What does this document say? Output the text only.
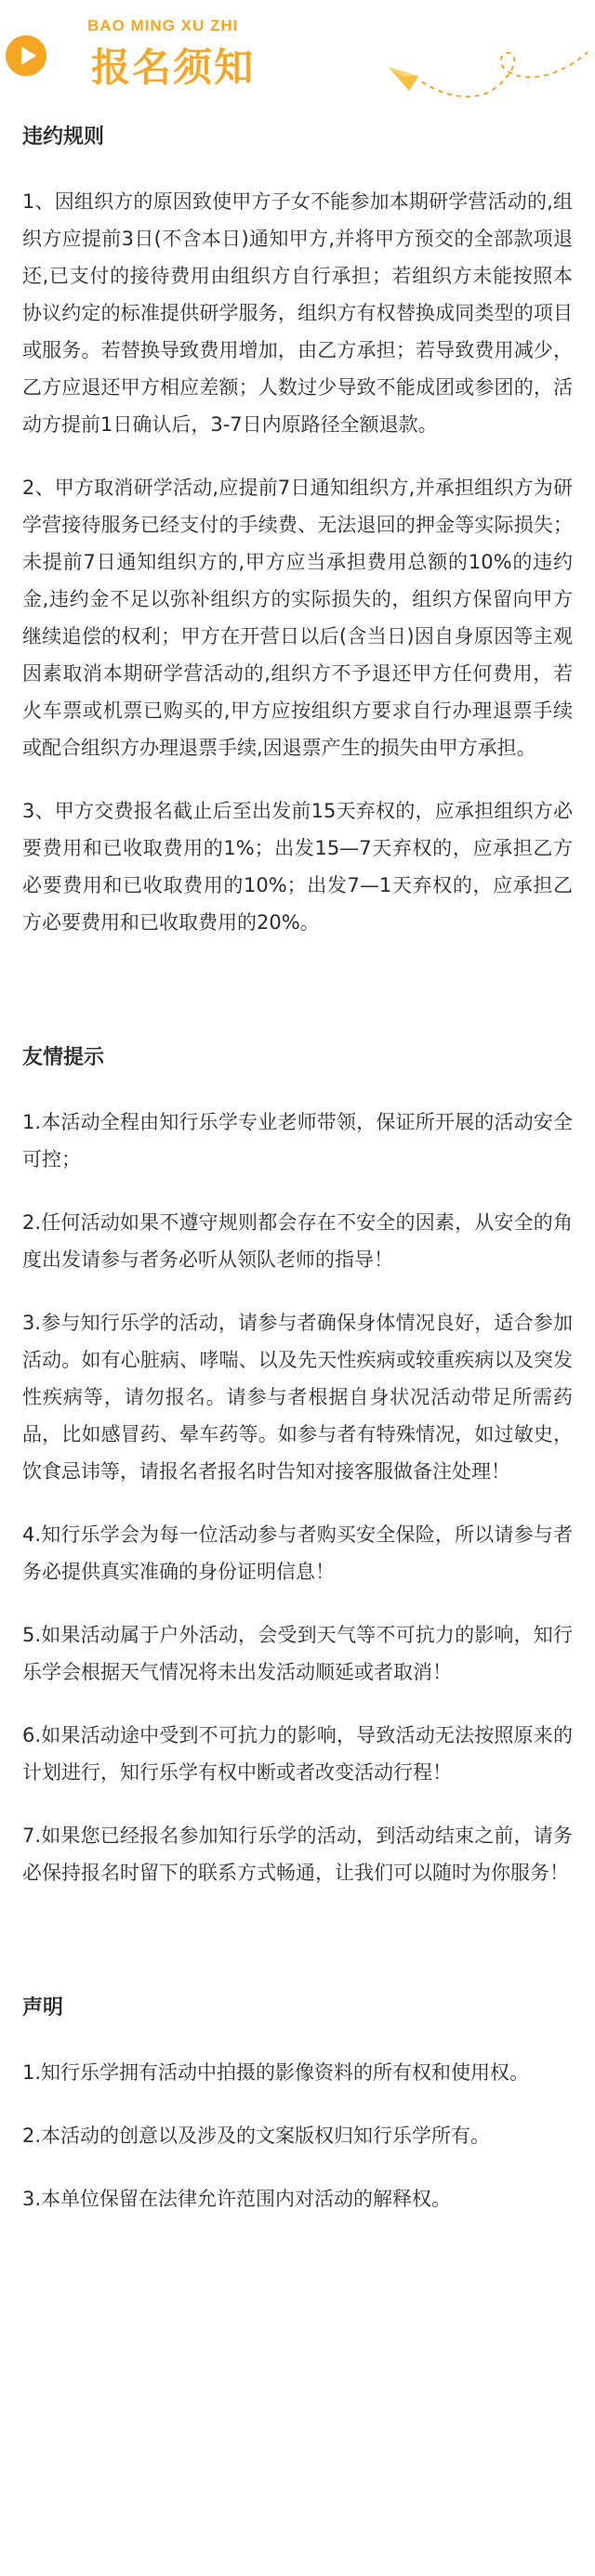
BAO MING XU ZHI
报名须知
违约规则

1、因组织方的原因致使甲方子女不能参加本期研学营活动的,组织方应提前3日(不含本日)通知甲方,并将甲方预交的全部款项退还,已支付的接待费用由组织方自行承担；若组织方未能按照本协议约定的标准提供研学服务，组织方有权替换成同类型的项目或服务。若替换导致费用增加，由乙方承担；若导致费用减少，乙方应退还甲方相应差额；人数过少导致不能成团或参团的，活动方提前1日确认后，3-7日内原路径全额退款。

2、甲方取消研学活动,应提前7日通知组织方,并承担组织方为研学营接待服务已经支付的手续费、无法退回的押金等实际损失；未提前7日通知组织方的,甲方应当承担费用总额的10%的违约金,违约金不足以弥补组织方的实际损失的，组织方保留向甲方继续追偿的权利；甲方在开营日以后(含当日)因自身原因等主观因素取消本期研学营活动的,组织方不予退还甲方任何费用，若火车票或机票已购买的,甲方应按组织方要求自行办理退票手续或配合组织方办理退票手续,因退票产生的损失由甲方承担。

3、甲方交费报名截止后至出发前15天弃权的，应承担组织方必要费用和已收取费用的1%；出发15—7天弃权的，应承担乙方必要费用和已收取费用的10%；出发7—1天弃权的，应承担乙方必要费用和已收取费用的20%。

友情提示

1.本活动全程由知行乐学专业老师带领，保证所开展的活动安全可控；

2.任何活动如果不遵守规则都会存在不安全的因素，从安全的角度出发请参与者务必听从领队老师的指导！

3.参与知行乐学的活动，请参与者确保身体情况良好，适合参加活动。如有心脏病、哮喘、以及先天性疾病或较重疾病以及突发性疾病等，请勿报名。请参与者根据自身状况活动带足所需药品，比如感冒药、晕车药等。如参与者有特殊情况，如过敏史，饮食忌讳等，请报名者报名时告知对接客服做备注处理！

4.知行乐学会为每一位活动参与者购买安全保险，所以请参与者务必提供真实准确的身份证明信息！

5.如果活动属于户外活动，会受到天气等不可抗力的影响，知行乐学会根据天气情况将未出发活动顺延或者取消！

6.如果活动途中受到不可抗力的影响，导致活动无法按照原来的计划进行，知行乐学有权中断或者改变活动行程！

7.如果您已经报名参加知行乐学的活动，到活动结束之前，请务必保持报名时留下的联系方式畅通，让我们可以随时为你服务！

声明

1.知行乐学拥有活动中拍摄的影像资料的所有权和使用权。

2.本活动的创意以及涉及的文案版权归知行乐学所有。

3.本单位保留在法律允许范围内对活动的解释权。
